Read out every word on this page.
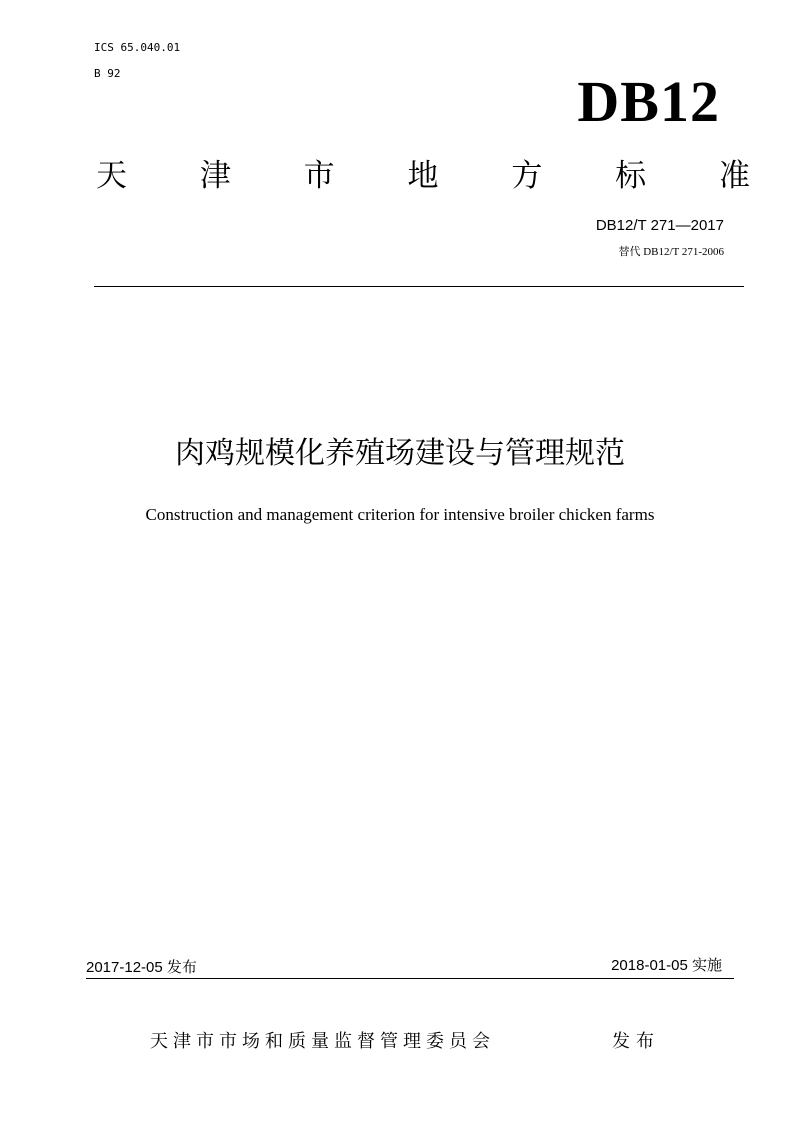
ICS 65.040.01
B 92	DB12
天 津 市 地 方 标 准
DB12/T 271—2017
替代 DB12/T 271-2006
肉鸡规模化养殖场建设与管理规范
Construction and management criterion for intensive broiler chicken farms
2017-12-05 发布	2018-01-05 实施
天津市市场和质量监督管理委员会	发布
